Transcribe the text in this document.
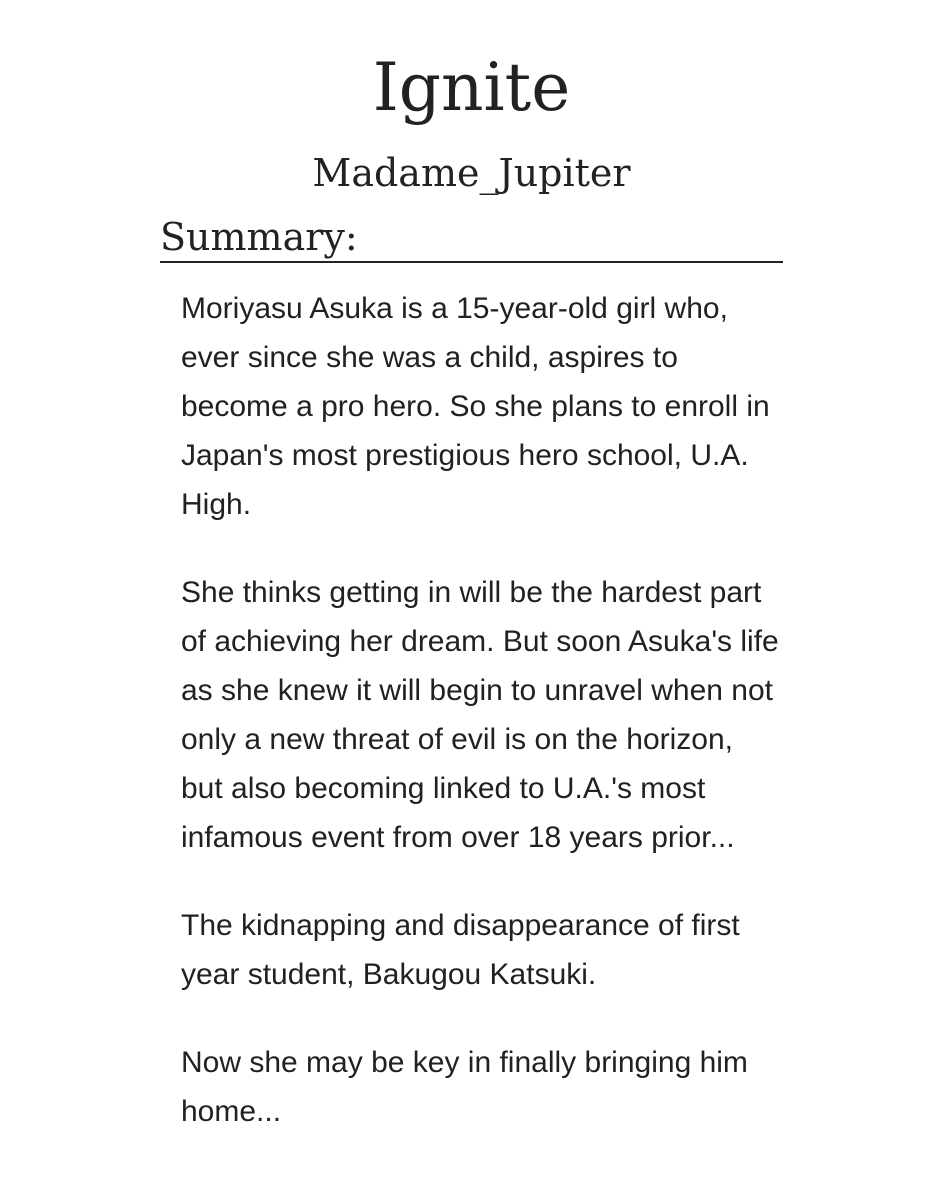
Ignite
Madame_Jupiter
Summary:

Moriyasu Asuka is a 15-year-old girl who, ever since she was a child, aspires to become a pro hero. So she plans to enroll in Japan's most prestigious hero school, U.A. High.

She thinks getting in will be the hardest part of achieving her dream. But soon Asuka's life as she knew it will begin to unravel when not only a new threat of evil is on the horizon, but also becoming linked to U.A.'s most infamous event from over 18 years prior...

The kidnapping and disappearance of first year student, Bakugou Katsuki.

Now she may be key in finally bringing him home...
